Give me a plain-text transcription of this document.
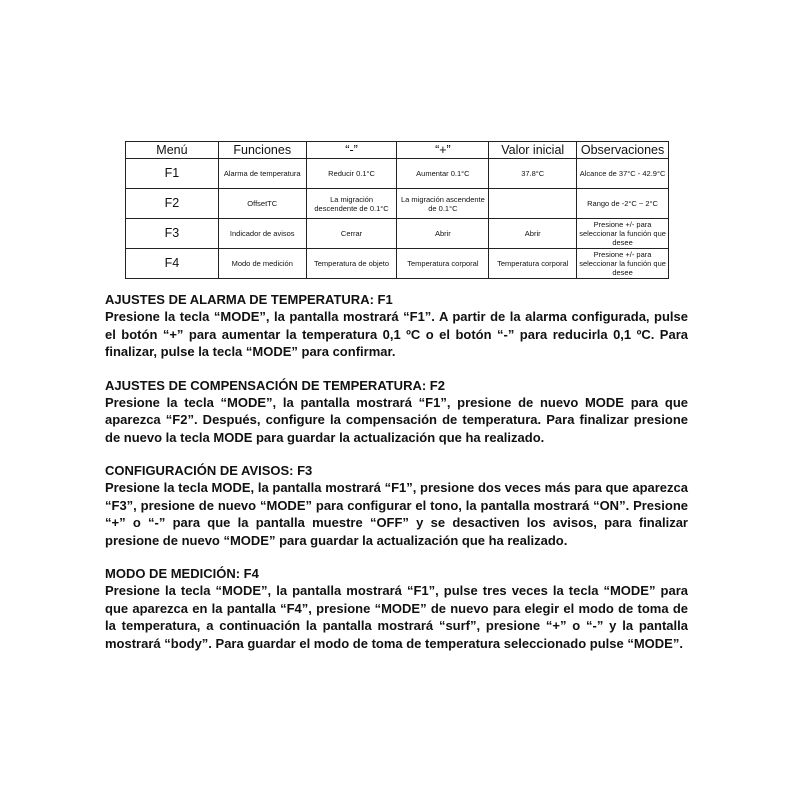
Menú	Funciones	“-”	“+”	Valor inicial	Observaciones
F1	Alarma de temperatura	Reducir 0.1°C	Aumentar 0.1°C	37.8°C	Alcance de 37°C - 42.9°C
F2	OffsetTC	La migración descendente de 0.1°C	La migración ascendente de 0.1°C		Rango de -2°C ~ 2°C
F3	Indicador de avisos	Cerrar	Abrir	Abrir	Presione +/- para seleccionar la función que desee
F4	Modo de medición	Temperatura de objeto	Temperatura corporal	Temperatura corporal	Presione +/- para seleccionar la función que desee
AJUSTES DE ALARMA DE TEMPERATURA: F1

Presione la tecla “MODE”, la pantalla mostrará “F1”. A partir de la alarma configurada, pulse el botón “+” para aumentar la temperatura 0,1 ºC o el botón “-” para reducirla 0,1 ºC. Para finalizar, pulse la tecla “MODE” para confirmar.

AJUSTES DE COMPENSACIÓN DE TEMPERATURA: F2

Presione la tecla “MODE”, la pantalla mostrará “F1”, presione de nuevo MODE para que aparezca “F2”. Después, configure la compensación de temperatura. Para finalizar presione de nuevo la tecla MODE para guardar la actualización que ha realizado.

CONFIGURACIÓN DE AVISOS: F3

Presione la tecla MODE, la pantalla mostrará “F1”, presione dos veces más para que aparezca “F3”, presione de nuevo “MODE” para configurar el tono, la pantalla mostrará “ON”. Presione “+” o “-” para que la pantalla muestre “OFF” y se desactiven los avisos, para finalizar presione de nuevo “MODE” para guardar la actualización que ha realizado.

MODO DE MEDICIÓN: F4

Presione la tecla “MODE”, la pantalla mostrará “F1”, pulse tres veces la tecla “MODE” para que aparezca en la pantalla “F4”, presione “MODE” de nuevo para elegir el modo de toma de la temperatura, a continuación la pantalla mostrará “surf”, presione “+” o “-” y la pantalla mostrará “body”. Para guardar el modo de toma de temperatura seleccionado pulse “MODE”.
